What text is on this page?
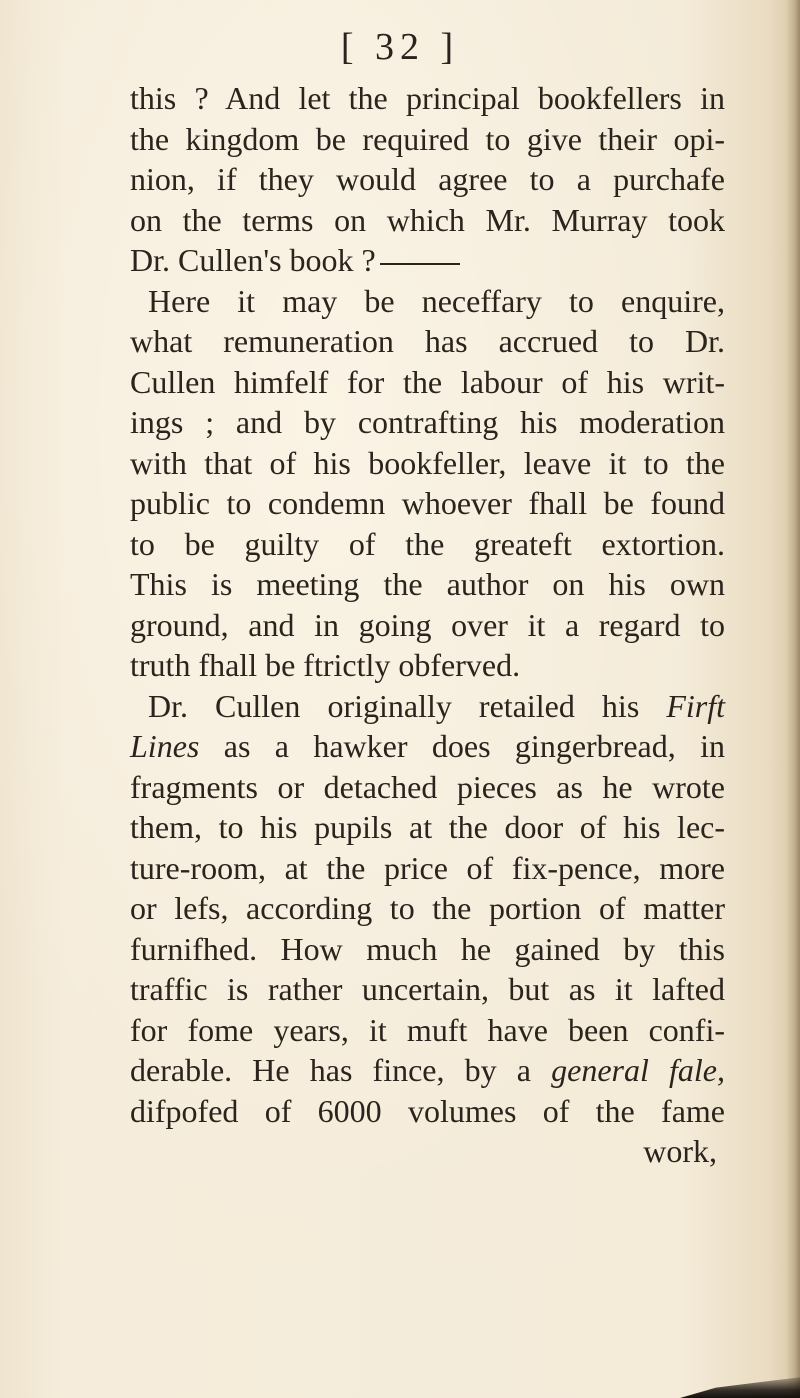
[ 32 ]
this ? And let the principal bookfellers in
the kingdom be required to give their opi-
nion, if they would agree to a purchafe
on the terms on which Mr. Murray took
Dr. Cullen's book ?
Here it may be neceffary to enquire,
what remuneration has accrued to Dr.
Cullen himfelf for the labour of his writ-
ings ; and by contrafting his moderation
with that of his bookfeller, leave it to the
public to condemn whoever fhall be found
to be guilty of the greateft extortion.
This is meeting the author on his own
ground, and in going over it a regard to
truth fhall be ftrictly obferved.
Dr. Cullen originally retailed his Firft
Lines as a hawker does gingerbread, in
fragments or detached pieces as he wrote
them, to his pupils at the door of his lec-
ture-room, at the price of fix-pence, more
or lefs, according to the portion of matter
furnifhed. How much he gained by this
traffic is rather uncertain, but as it lafted
for fome years, it muft have been confi-
derable. He has fince, by a general fale,
difpofed of 6000 volumes of the fame
work,
